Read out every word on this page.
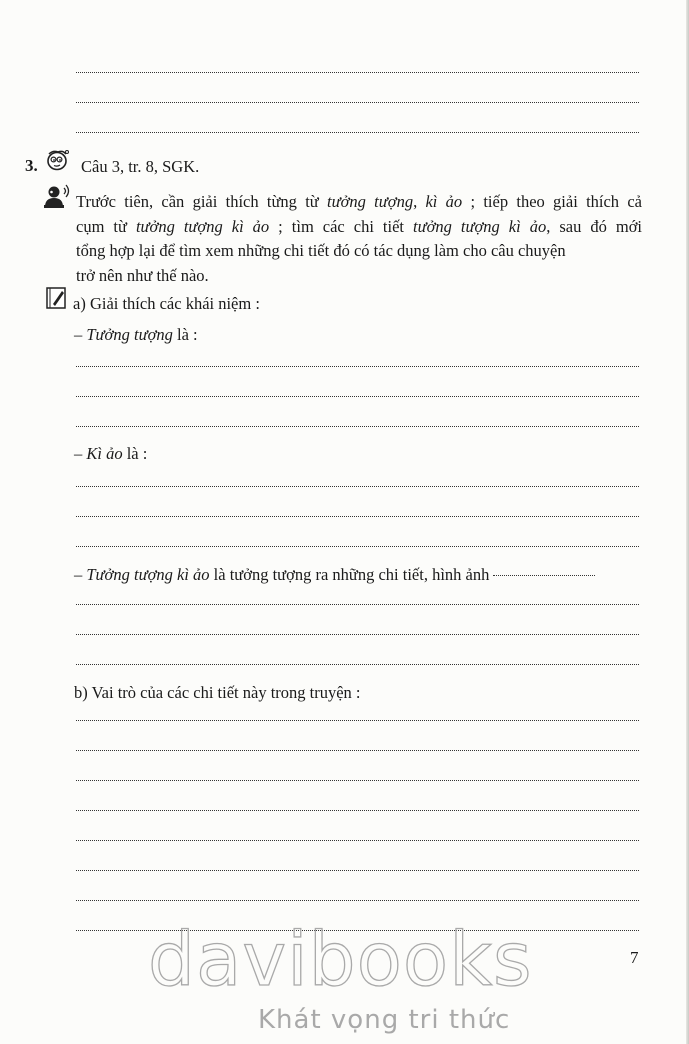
3.	Câu 3, tr. 8, SGK.
Trước tiên, cần giải thích từng từ tưởng tượng, kì ảo ; tiếp theo giải thích cả
cụm từ tưởng tượng kì ảo ; tìm các chi tiết tưởng tượng kì ảo, sau đó mới
tổng hợp lại để tìm xem những chi tiết đó có tác dụng làm cho câu chuyện
trở nên như thế nào.
a) Giải thích các khái niệm :
– Tưởng tượng là :
– Kì ảo là :
– Tưởng tượng kì ảo là tưởng tượng ra những chi tiết, hình ảnh
b) Vai trò của các chi tiết này trong truyện :
7
davibooks
Khát vọng tri thức
